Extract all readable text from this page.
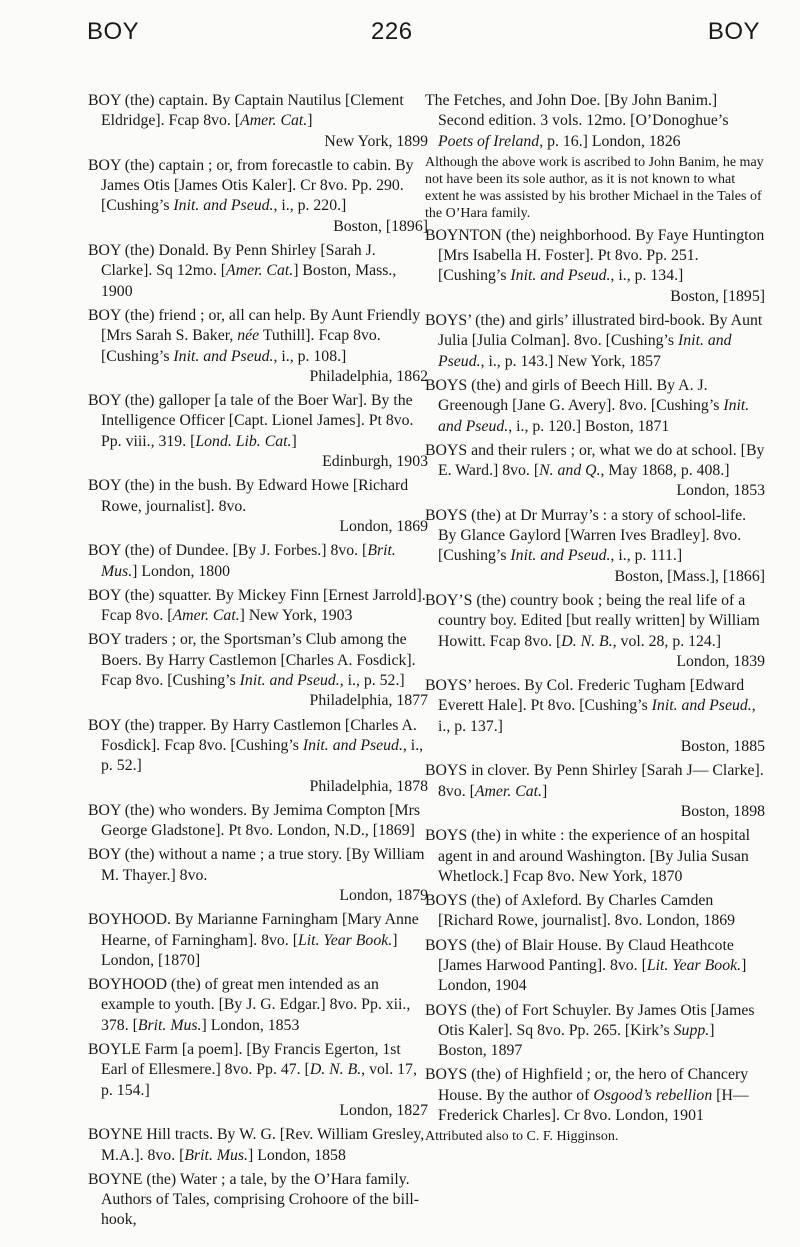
BOY	226	BOY
BOY (the) captain. By Captain Nautilus [Clement Eldridge]. Fcap 8vo. [Amer. Cat.]
New York, 1899
BOY (the) captain ; or, from forecastle to cabin. By James Otis [James Otis Kaler]. Cr 8vo. Pp. 290. [Cushing’s Init. and Pseud., i., p. 220.]
Boston, [1896]
BOY (the) Donald. By Penn Shirley [Sarah J. Clarke]. Sq 12mo. [Amer. Cat.] Boston, Mass., 1900
BOY (the) friend ; or, all can help. By Aunt Friendly [Mrs Sarah S. Baker, née Tuthill]. Fcap 8vo. [Cushing’s Init. and Pseud., i., p. 108.]
Philadelphia, 1862
BOY (the) galloper [a tale of the Boer War]. By the Intelligence Officer [Capt. Lionel James]. Pt 8vo. Pp. viii., 319. [Lond. Lib. Cat.]
Edinburgh, 1903
BOY (the) in the bush. By Edward Howe [Richard Rowe, journalist]. 8vo.
London, 1869
BOY (the) of Dundee. [By J. Forbes.] 8vo. [Brit. Mus.] London, 1800
BOY (the) squatter. By Mickey Finn [Ernest Jarrold]. Fcap 8vo. [Amer. Cat.] New York, 1903
BOY traders ; or, the Sportsman’s Club among the Boers. By Harry Castlemon [Charles A. Fosdick]. Fcap 8vo. [Cushing’s Init. and Pseud., i., p. 52.]
Philadelphia, 1877
BOY (the) trapper. By Harry Castlemon [Charles A. Fosdick]. Fcap 8vo. [Cushing’s Init. and Pseud., i., p. 52.]
Philadelphia, 1878
BOY (the) who wonders. By Jemima Compton [Mrs George Gladstone]. Pt 8vo. London, N.D., [1869]
BOY (the) without a name ; a true story. [By William M. Thayer.] 8vo.
London, 1879
BOYHOOD. By Marianne Farningham [Mary Anne Hearne, of Farningham]. 8vo. [Lit. Year Book.] London, [1870]
BOYHOOD (the) of great men intended as an example to youth. [By J. G. Edgar.] 8vo. Pp. xii., 378. [Brit. Mus.] London, 1853
BOYLE Farm [a poem]. [By Francis Egerton, 1st Earl of Ellesmere.] 8vo. Pp. 47. [D. N. B., vol. 17, p. 154.]
London, 1827
BOYNE Hill tracts. By W. G. [Rev. William Gresley, M.A.]. 8vo. [Brit. Mus.] London, 1858
BOYNE (the) Water ; a tale, by the O’Hara family. Authors of Tales, comprising Crohoore of the bill-hook,
The Fetches, and John Doe. [By John Banim.] Second edition. 3 vols. 12mo. [O’Donoghue’s Poets of Ireland, p. 16.] London, 1826
Although the above work is ascribed to John Banim, he may not have been its sole author, as it is not known to what extent he was assisted by his brother Michael in the Tales of the O’Hara family.
BOYNTON (the) neighborhood. By Faye Huntington [Mrs Isabella H. Foster]. Pt 8vo. Pp. 251. [Cushing’s Init. and Pseud., i., p. 134.]
Boston, [1895]
BOYS’ (the) and girls’ illustrated bird-book. By Aunt Julia [Julia Colman]. 8vo. [Cushing’s Init. and Pseud., i., p. 143.] New York, 1857
BOYS (the) and girls of Beech Hill. By A. J. Greenough [Jane G. Avery]. 8vo. [Cushing’s Init. and Pseud., i., p. 120.] Boston, 1871
BOYS and their rulers ; or, what we do at school. [By E. Ward.] 8vo. [N. and Q., May 1868, p. 408.]
London, 1853
BOYS (the) at Dr Murray’s : a story of school-life. By Glance Gaylord [Warren Ives Bradley]. 8vo. [Cushing’s Init. and Pseud., i., p. 111.]
Boston, [Mass.], [1866]
BOY’S (the) country book ; being the real life of a country boy. Edited [but really written] by William Howitt. Fcap 8vo. [D. N. B., vol. 28, p. 124.]
London, 1839
BOYS’ heroes. By Col. Frederic Tugham [Edward Everett Hale]. Pt 8vo. [Cushing’s Init. and Pseud., i., p. 137.]
Boston, 1885
BOYS in clover. By Penn Shirley [Sarah J— Clarke]. 8vo. [Amer. Cat.]
Boston, 1898
BOYS (the) in white : the experience of an hospital agent in and around Washington. [By Julia Susan Whetlock.] Fcap 8vo. New York, 1870
BOYS (the) of Axleford. By Charles Camden [Richard Rowe, journalist]. 8vo. London, 1869
BOYS (the) of Blair House. By Claud Heathcote [James Harwood Panting]. 8vo. [Lit. Year Book.] London, 1904
BOYS (the) of Fort Schuyler. By James Otis [James Otis Kaler]. Sq 8vo. Pp. 265. [Kirk’s Supp.] Boston, 1897
BOYS (the) of Highfield ; or, the hero of Chancery House. By the author of Osgood’s rebellion [H— Frederick Charles]. Cr 8vo. London, 1901
Attributed also to C. F. Higginson.
